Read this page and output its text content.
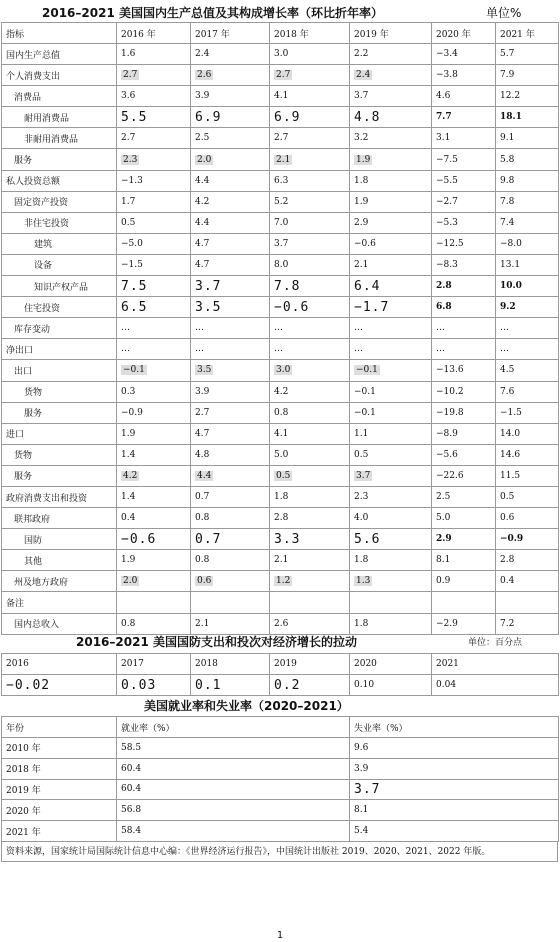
2016–2021 美国国内生产总值及其构成增长率（环比折年率）	单位%
指标	2016 年	2017 年	2018 年	2019 年	2020 年	2021 年
国内生产总值	1.6	2.4	3.0	2.2	−3.4	5.7
个人消费支出	2.7	2.6	2.7	2.4	−3.8	7.9
消费品	3.6	3.9	4.1	3.7	4.6	12.2
耐用消费品	5.5	6.9	6.9	4.8	7.7	18.1
非耐用消费品	2.7	2.5	2.7	3.2	3.1	9.1
服务	2.3	2.0	2.1	1.9	−7.5	5.8
私人投资总额	−1.3	4.4	6.3	1.8	−5.5	9.8
固定资产投资	1.7	4.2	5.2	1.9	−2.7	7.8
非住宅投资	0.5	4.4	7.0	2.9	−5.3	7.4
建筑	−5.0	4.7	3.7	−0.6	−12.5	−8.0
设备	−1.5	4.7	8.0	2.1	−8.3	13.1
知识产权产品	7.5	3.7	7.8	6.4	2.8	10.0
住宅投资	6.5	3.5	−0.6	−1.7	6.8	9.2
库存变动	…	…	…	…	…	…
净出口	…	…	…	…	…	…
出口	−0.1	3.5	3.0	−0.1	−13.6	4.5
货物	0.3	3.9	4.2	−0.1	−10.2	7.6
服务	−0.9	2.7	0.8	−0.1	−19.8	−1.5
进口	1.9	4.7	4.1	1.1	−8.9	14.0
货物	1.4	4.8	5.0	0.5	−5.6	14.6
服务	4.2	4.4	0.5	3.7	−22.6	11.5
政府消费支出和投资	1.4	0.7	1.8	2.3	2.5	0.5
联邦政府	0.4	0.8	2.8	4.0	5.0	0.6
国防	−0.6	0.7	3.3	5.6	2.9	−0.9
其他	1.9	0.8	2.1	1.8	8.1	2.8
州及地方政府	2.0	0.6	1.2	1.3	0.9	0.4
备注						
国内总收入	0.8	2.1	2.6	1.8	−2.9	7.2
2016–2021 美国国防支出和投次对经济增长的拉动	单位：百分点
2016	2017	2018	2019	2020	2021
−0.02	0.03	0.1	0.2	0.10	0.04
美国就业率和失业率（2020–2021）
年份	就业率（%）	失业率（%）
2010 年	58.5	9.6
2018 年	60.4	3.9
2019 年	60.4	3.7
2020 年	56.8	8.1
2021 年	58.4	5.4
资料来源，国家统计局国际统计信息中心编：《世界经济运行报告》，中国统计出版社 2019、2020、2021、2022 年版。
1
